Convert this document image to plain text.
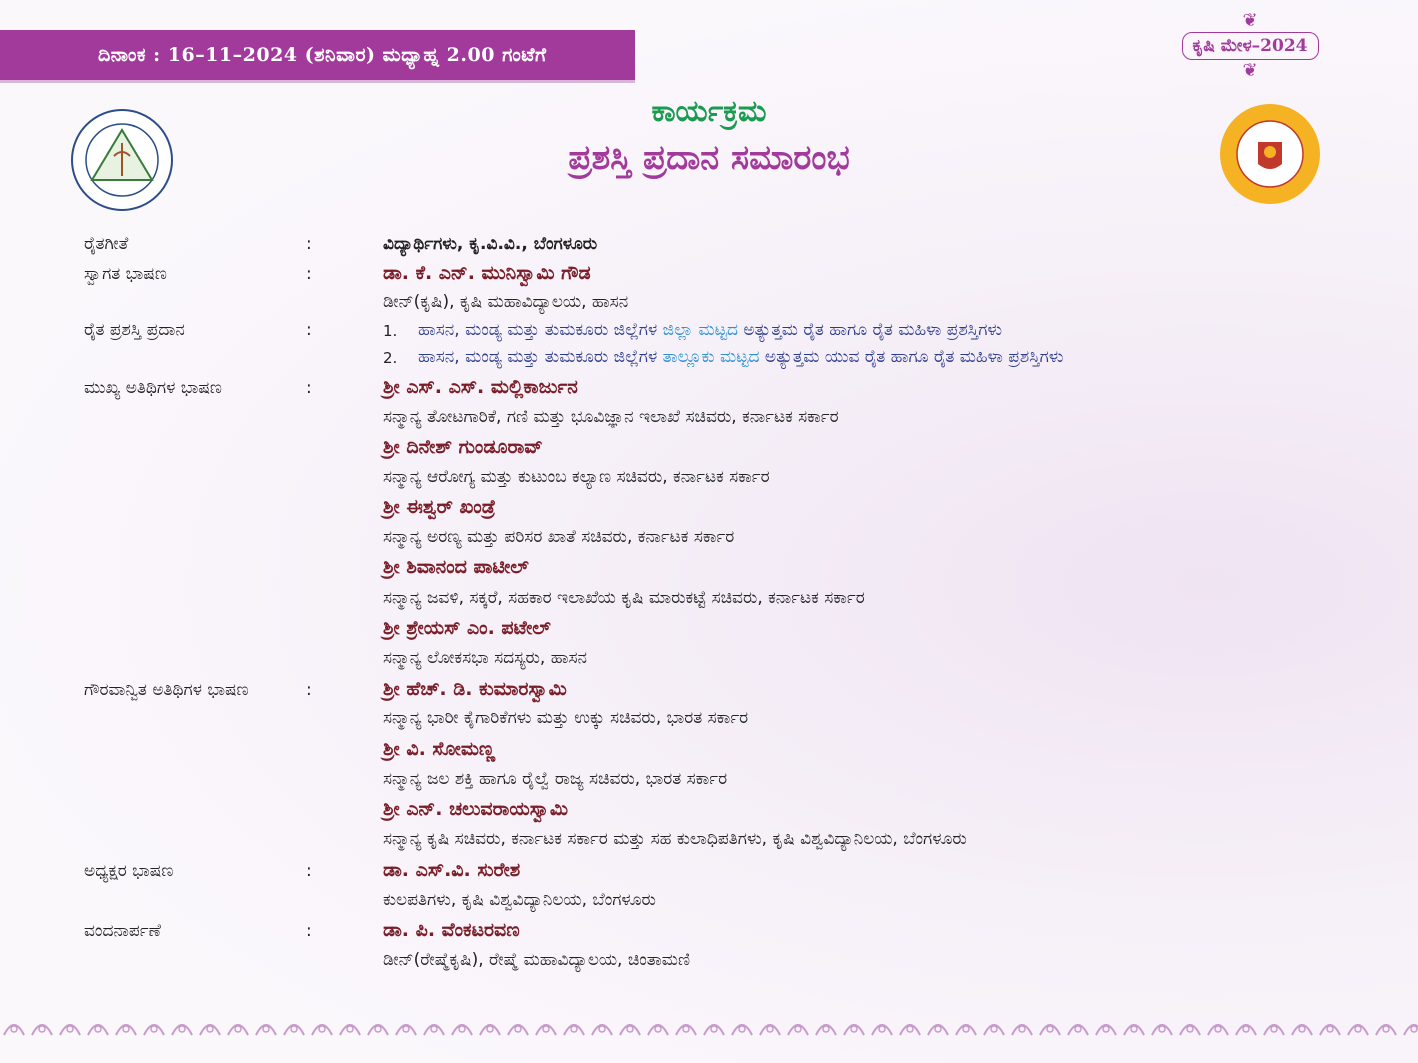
ದಿನಾಂಕ : 16–11–2024 (ಶನಿವಾರ) ಮಧ್ಯಾಹ್ನ 2.00 ಗಂಟೆಗೆ
❦
ಕೃಷಿ ಮೇಳ–2024
❦
ಕಾರ್ಯಕ್ರಮ
ಪ್ರಶಸ್ತಿ ಪ್ರದಾನ ಸಮಾರಂಭ
ರೈತಗೀತೆ	:	ವಿದ್ಯಾರ್ಥಿಗಳು, ಕೃ.ವಿ.ವಿ., ಬೆಂಗಳೂರು
ಸ್ವಾಗತ ಭಾಷಣ	:	ಡಾ. ಕೆ. ಎನ್. ಮುನಿಸ್ವಾಮಿ ಗೌಡ
ಡೀನ್(ಕೃಷಿ), ಕೃಷಿ ಮಹಾವಿದ್ಯಾಲಯ, ಹಾಸನ
ರೈತ ಪ್ರಶಸ್ತಿ ಪ್ರದಾನ	:	1. ಹಾಸನ, ಮಂಡ್ಯ ಮತ್ತು ತುಮಕೂರು ಜಿಲ್ಲೆಗಳ ಜಿಲ್ಲಾ ಮಟ್ಟದ ಅತ್ಯುತ್ತಮ ರೈತ ಹಾಗೂ ರೈತ ಮಹಿಳಾ ಪ್ರಶಸ್ತಿಗಳು
2. ಹಾಸನ, ಮಂಡ್ಯ ಮತ್ತು ತುಮಕೂರು ಜಿಲ್ಲೆಗಳ ತಾಲ್ಲೂಕು ಮಟ್ಟದ ಅತ್ಯುತ್ತಮ ಯುವ ರೈತ ಹಾಗೂ ರೈತ ಮಹಿಳಾ ಪ್ರಶಸ್ತಿಗಳು
ಮುಖ್ಯ ಅತಿಥಿಗಳ ಭಾಷಣ	:	ಶ್ರೀ ಎಸ್. ಎಸ್. ಮಲ್ಲಿಕಾರ್ಜುನ
ಸನ್ಮಾನ್ಯ ತೋಟಗಾರಿಕೆ, ಗಣಿ ಮತ್ತು ಭೂವಿಜ್ಞಾನ ಇಲಾಖೆ ಸಚಿವರು, ಕರ್ನಾಟಕ ಸರ್ಕಾರ
ಶ್ರೀ ದಿನೇಶ್ ಗುಂಡೂರಾವ್
ಸನ್ಮಾನ್ಯ ಆರೋಗ್ಯ ಮತ್ತು ಕುಟುಂಬ ಕಲ್ಯಾಣ ಸಚಿವರು, ಕರ್ನಾಟಕ ಸರ್ಕಾರ
ಶ್ರೀ ಈಶ್ವರ್ ಖಂಡ್ರೆ
ಸನ್ಮಾನ್ಯ ಅರಣ್ಯ ಮತ್ತು ಪರಿಸರ ಖಾತೆ ಸಚಿವರು, ಕರ್ನಾಟಕ ಸರ್ಕಾರ
ಶ್ರೀ ಶಿವಾನಂದ ಪಾಟೀಲ್
ಸನ್ಮಾನ್ಯ ಜವಳಿ, ಸಕ್ಕರೆ, ಸಹಕಾರ ಇಲಾಖೆಯ ಕೃಷಿ ಮಾರುಕಟ್ಟೆ ಸಚಿವರು, ಕರ್ನಾಟಕ ಸರ್ಕಾರ
ಶ್ರೀ ಶ್ರೇಯಸ್ ಎಂ. ಪಟೇಲ್
ಸನ್ಮಾನ್ಯ ಲೋಕಸಭಾ ಸದಸ್ಯರು, ಹಾಸನ
ಗೌರವಾನ್ವಿತ ಅತಿಥಿಗಳ ಭಾಷಣ	:	ಶ್ರೀ ಹೆಚ್. ಡಿ. ಕುಮಾರಸ್ವಾಮಿ
ಸನ್ಮಾನ್ಯ ಭಾರೀ ಕೈಗಾರಿಕೆಗಳು ಮತ್ತು ಉಕ್ಕು ಸಚಿವರು, ಭಾರತ ಸರ್ಕಾರ
ಶ್ರೀ ವಿ. ಸೋಮಣ್ಣ
ಸನ್ಮಾನ್ಯ ಜಲ ಶಕ್ತಿ ಹಾಗೂ ರೈಲ್ವೆ ರಾಜ್ಯ ಸಚಿವರು, ಭಾರತ ಸರ್ಕಾರ
ಶ್ರೀ ಎನ್. ಚಲುವರಾಯಸ್ವಾಮಿ
ಸನ್ಮಾನ್ಯ ಕೃಷಿ ಸಚಿವರು, ಕರ್ನಾಟಕ ಸರ್ಕಾರ ಮತ್ತು ಸಹ ಕುಲಾಧಿಪತಿಗಳು, ಕೃಷಿ ವಿಶ್ವವಿದ್ಯಾನಿಲಯ, ಬೆಂಗಳೂರು
ಅಧ್ಯಕ್ಷರ ಭಾಷಣ	:	ಡಾ. ಎಸ್.ವಿ. ಸುರೇಶ
ಕುಲಪತಿಗಳು, ಕೃಷಿ ವಿಶ್ವವಿದ್ಯಾನಿಲಯ, ಬೆಂಗಳೂರು
ವಂದನಾರ್ಪಣೆ	:	ಡಾ. ಪಿ. ವೆಂಕಟರವಣ
ಡೀನ್(ರೇಷ್ಮೆಕೃಷಿ), ರೇಷ್ಮೆ ಮಹಾವಿದ್ಯಾಲಯ, ಚಿಂತಾಮಣಿ
